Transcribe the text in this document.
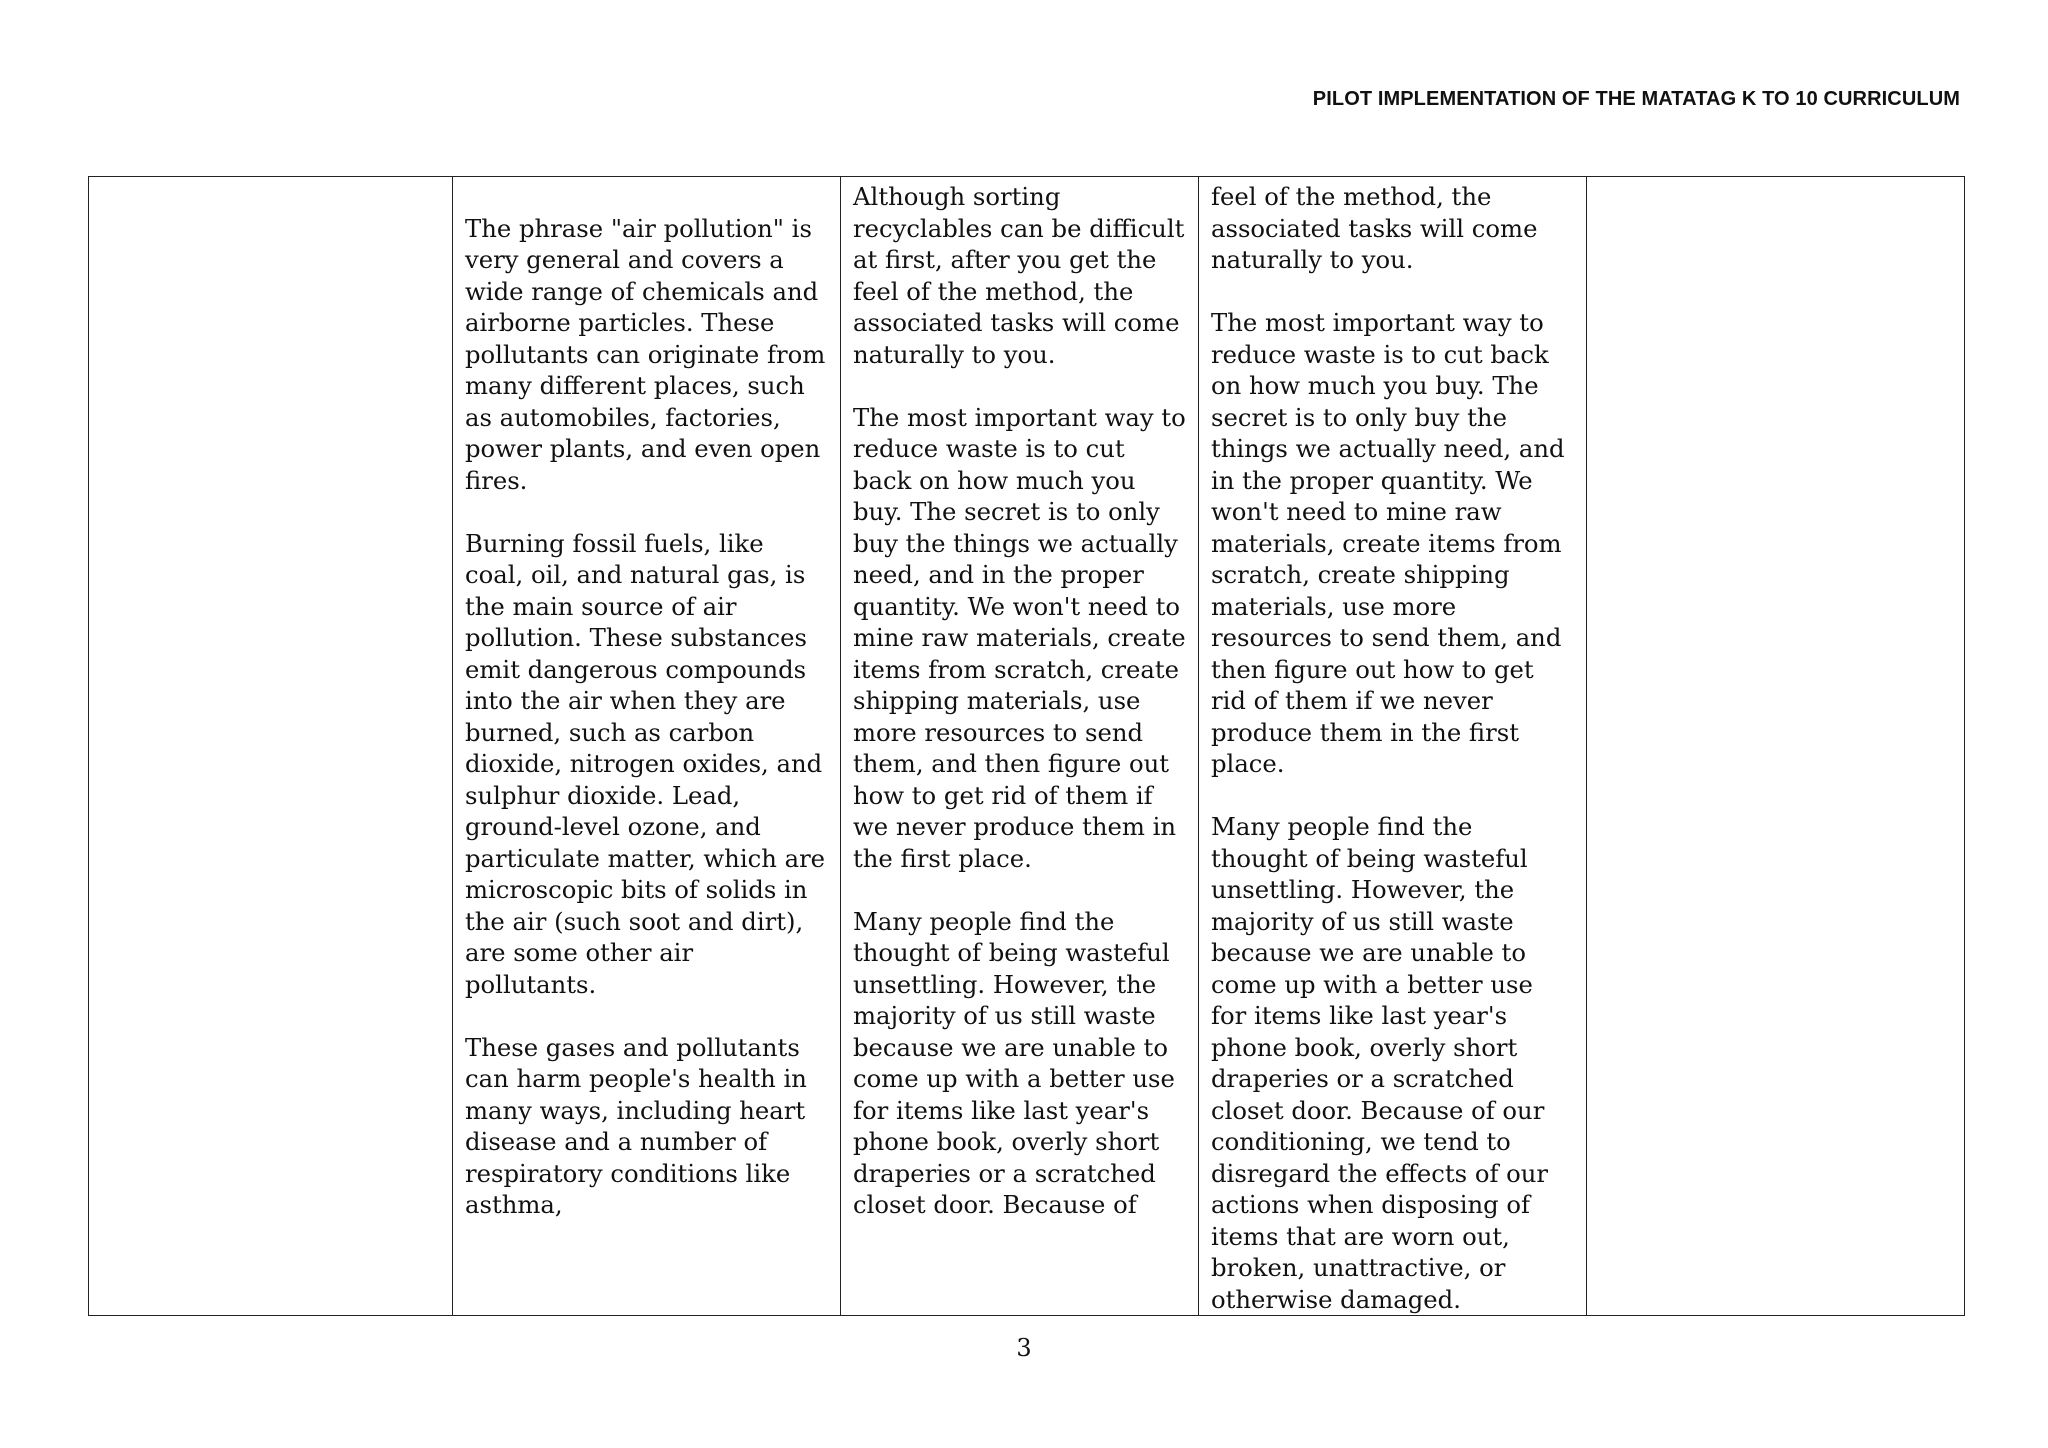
PILOT IMPLEMENTATION OF THE MATATAG K TO 10 CURRICULUM

The phrase "air pollution" is very general and covers a wide range of chemicals and airborne particles. These pollutants can originate from many different places, such as automobiles, factories, power plants, and even open fires.

Burning fossil fuels, like coal, oil, and natural gas, is the main source of air pollution. These substances emit dangerous compounds into the air when they are burned, such as carbon dioxide, nitrogen oxides, and sulphur dioxide. Lead, ground-level ozone, and particulate matter, which are microscopic bits of solids in the air (such soot and dirt), are some other air pollutants.

These gases and pollutants can harm people's health in many ways, including heart disease and a number of respiratory conditions like asthma,

Although sorting recyclables can be difficult at first, after you get the feel of the method, the associated tasks will come naturally to you.

The most important way to reduce waste is to cut back on how much you buy. The secret is to only buy the things we actually need, and in the proper quantity. We won't need to mine raw materials, create items from scratch, create shipping materials, use more resources to send them, and then figure out how to get rid of them if we never produce them in the first place.

Many people find the thought of being wasteful unsettling. However, the majority of us still waste because we are unable to come up with a better use for items like last year's phone book, overly short draperies or a scratched closet door. Because of

feel of the method, the associated tasks will come naturally to you.

The most important way to reduce waste is to cut back on how much you buy. The secret is to only buy the things we actually need, and in the proper quantity. We won't need to mine raw materials, create items from scratch, create shipping materials, use more resources to send them, and then figure out how to get rid of them if we never produce them in the first place.

Many people find the thought of being wasteful unsettling. However, the majority of us still waste because we are unable to come up with a better use for items like last year's phone book, overly short draperies or a scratched closet door. Because of our conditioning, we tend to disregard the effects of our actions when disposing of items that are worn out, broken, unattractive, or otherwise damaged.

3
